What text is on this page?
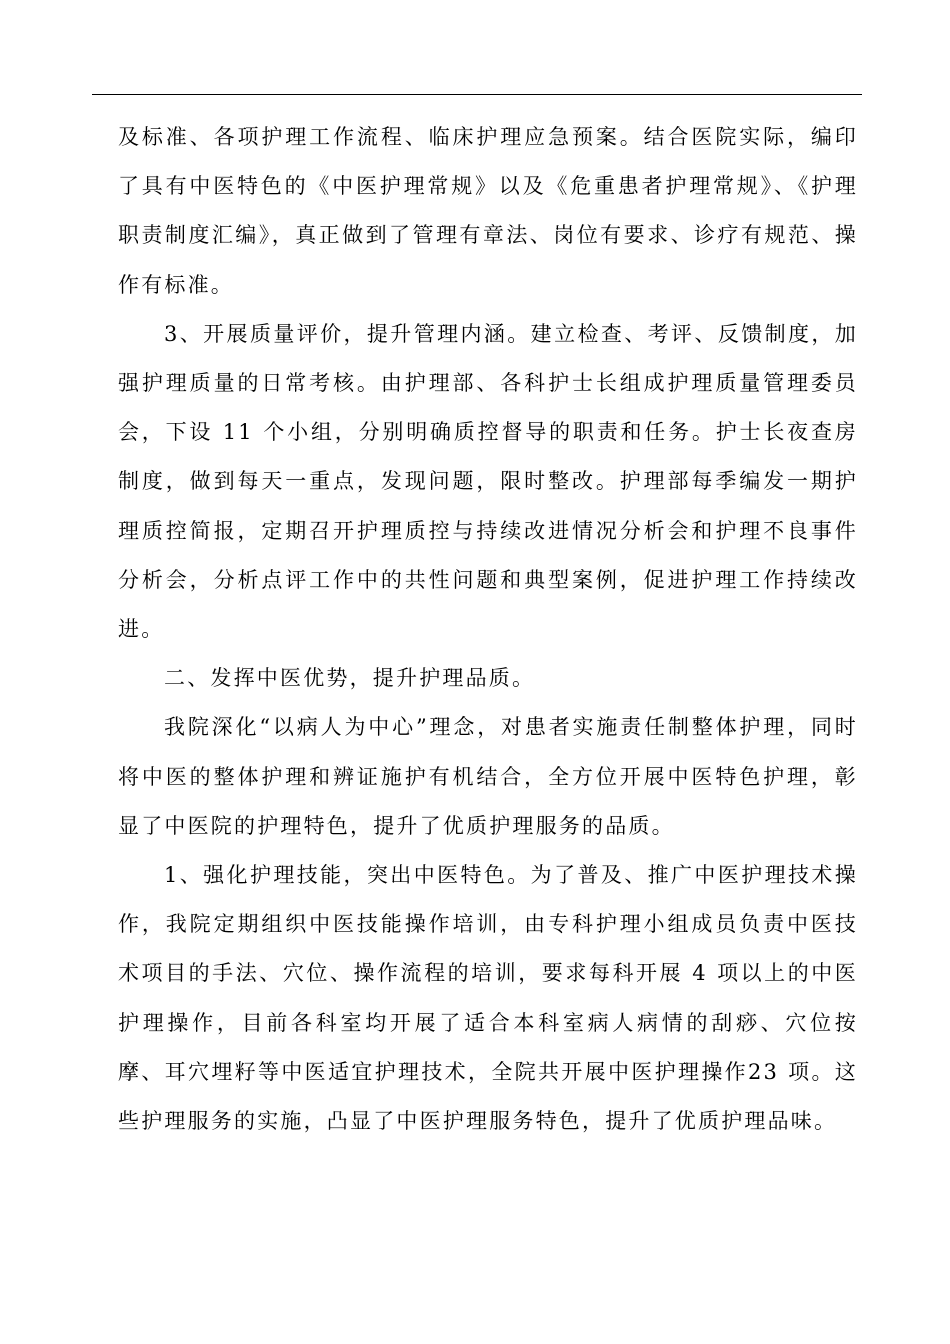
及标准、各项护理工作流程、临床护理应急预案。结合医院实际，编印了具有中医特色的《中医护理常规》以及《危重患者护理常规》、《护理职责制度汇编》，真正做到了管理有章法、岗位有要求、诊疗有规范、操作有标准。

3、开展质量评价，提升管理内涵。建立检查、考评、反馈制度，加强护理质量的日常考核。由护理部、各科护士长组成护理质量管理委员会，下设 11 个小组，分别明确质控督导的职责和任务。护士长夜查房制度，做到每天一重点，发现问题，限时整改。护理部每季编发一期护理质控简报，定期召开护理质控与持续改进情况分析会和护理不良事件分析会，分析点评工作中的共性问题和典型案例，促进护理工作持续改进。

二、发挥中医优势，提升护理品质。

我院深化“以病人为中心”理念，对患者实施责任制整体护理，同时将中医的整体护理和辨证施护有机结合，全方位开展中医特色护理，彰显了中医院的护理特色，提升了优质护理服务的品质。

1、强化护理技能，突出中医特色。为了普及、推广中医护理技术操作，我院定期组织中医技能操作培训，由专科护理小组成员负责中医技术项目的手法、穴位、操作流程的培训，要求每科开展 4 项以上的中医护理操作，目前各科室均开展了适合本科室病人病情的刮痧、穴位按摩、耳穴埋籽等中医适宜护理技术，全院共开展中医护理操作23 项。这些护理服务的实施，凸显了中医护理服务特色，提升了优质护理品味。
